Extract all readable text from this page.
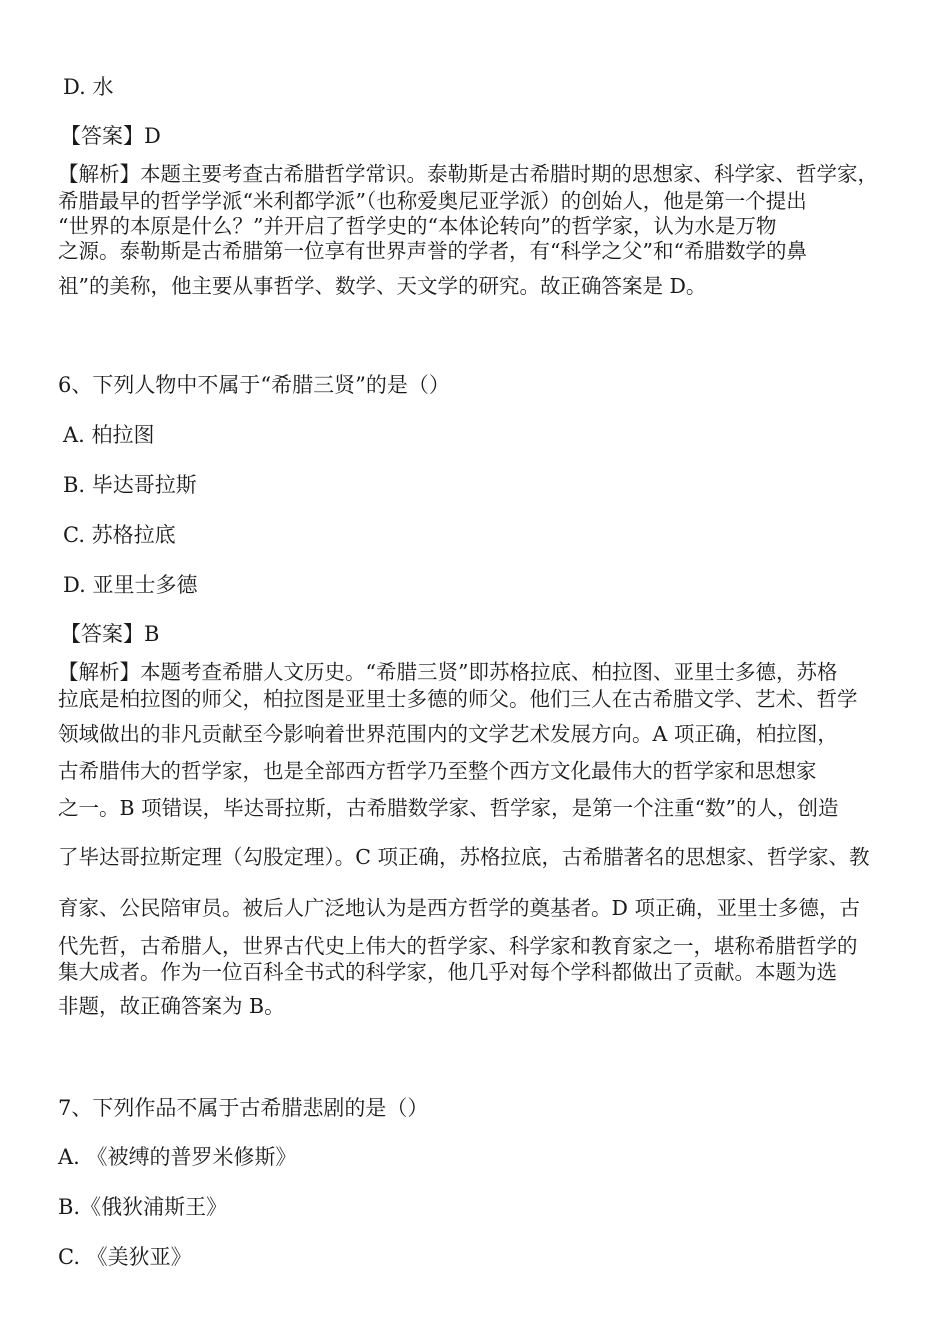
D. 水
【答案】D
【解析】本题主要考查古希腊哲学常识。泰勒斯是古希腊时期的思想家、科学家、哲学家，
希腊最早的哲学学派“米利都学派”（也称爱奥尼亚学派）的创始人，他是第一个提出
“世界的本原是什么？”并开启了哲学史的“本体论转向”的哲学家，认为水是万物
之源。泰勒斯是古希腊第一位享有世界声誉的学者，有“科学之父”和“希腊数学的鼻
祖”的美称，他主要从事哲学、数学、天文学的研究。故正确答案是 D。
6、下列人物中不属于“希腊三贤”的是（）
A. 柏拉图
B. 毕达哥拉斯
C. 苏格拉底
D. 亚里士多德
【答案】B
【解析】本题考查希腊人文历史。“希腊三贤”即苏格拉底、柏拉图、亚里士多德，苏格
拉底是柏拉图的师父，柏拉图是亚里士多德的师父。他们三人在古希腊文学、艺术、哲学
领域做出的非凡贡献至今影响着世界范围内的文学艺术发展方向。A 项正确，柏拉图，
古希腊伟大的哲学家，也是全部西方哲学乃至整个西方文化最伟大的哲学家和思想家
之一。B 项错误，毕达哥拉斯，古希腊数学家、哲学家，是第一个注重“数”的人，创造
了毕达哥拉斯定理（勾股定理）。C 项正确，苏格拉底，古希腊著名的思想家、哲学家、教
育家、公民陪审员。被后人广泛地认为是西方哲学的奠基者。D 项正确，亚里士多德，古
代先哲，古希腊人，世界古代史上伟大的哲学家、科学家和教育家之一，堪称希腊哲学的
集大成者。作为一位百科全书式的科学家，他几乎对每个学科都做出了贡献。本题为选
非题，故正确答案为 B。
7、下列作品不属于古希腊悲剧的是（）
A. 《被缚的普罗米修斯》
B.《俄狄浦斯王》
C. 《美狄亚》
